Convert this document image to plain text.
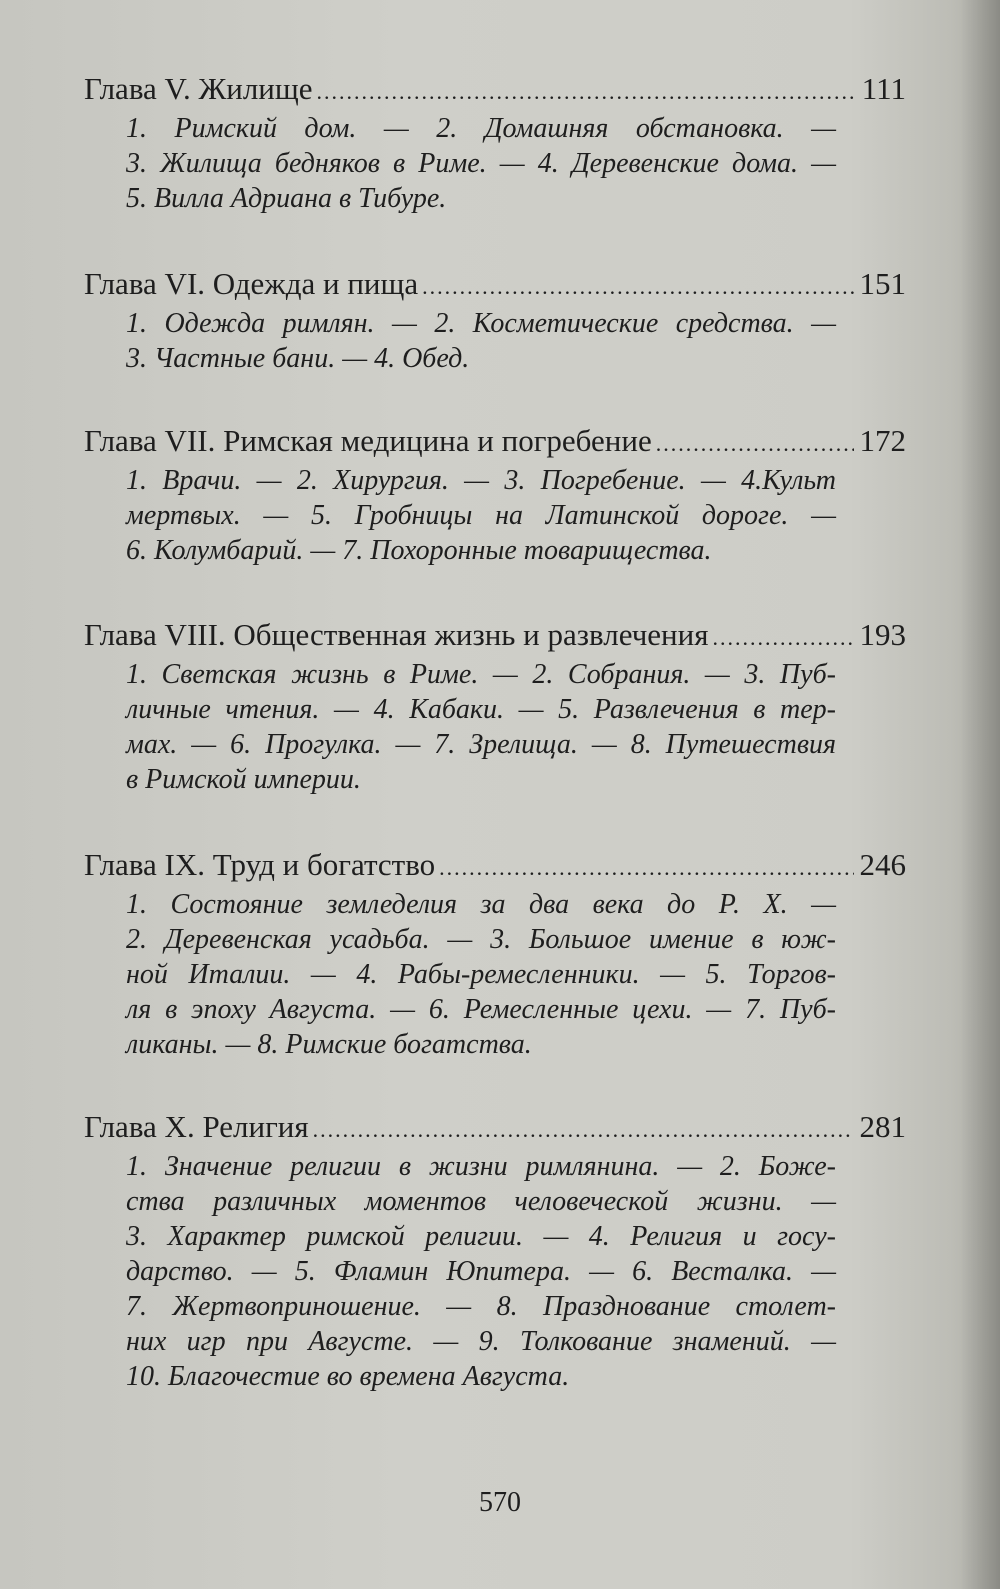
Глава V. Жилище .....	111
1. Римский дом. — 2. Домашняя обстановка. —
3. Жилища бедняков в Риме. — 4. Деревенские дома. —
5. Вилла Адриана в Тибуре.
Глава VI. Одежда и пища .....	151
1. Одежда римлян. — 2. Косметические средства. —
3. Частные бани. — 4. Обед.
Глава VII. Римская медицина и погребение .....	172
1. Врачи. — 2. Хирургия. — 3. Погребение. — 4.Культ
мертвых. — 5. Гробницы на Латинской дороге. —
6. Колумбарий. — 7. Похоронные товарищества.
Глава VIII. Общественная жизнь и развлечения .....	193
1. Светская жизнь в Риме. — 2. Собрания. — 3. Пуб-
личные чтения. — 4. Кабаки. — 5. Развлечения в тер-
мах. — 6. Прогулка. — 7. Зрелища. — 8. Путешествия
в Римской империи.
Глава IX. Труд и богатство .....	246
1. Состояние земледелия за два века до Р. Х. —
2. Деревенская усадьба. — 3. Большое имение в юж-
ной Италии. — 4. Рабы-ремесленники. — 5. Торгов-
ля в эпоху Августа. — 6. Ремесленные цехи. — 7. Пуб-
ликаны. — 8. Римские богатства.
Глава X. Религия .....	281
1. Значение религии в жизни римлянина. — 2. Боже-
ства различных моментов человеческой жизни. —
3. Характер римской религии. — 4. Религия и госу-
дарство. — 5. Фламин Юпитера. — 6. Весталка. —
7. Жертвоприношение. — 8. Празднование столет-
них игр при Августе. — 9. Толкование знамений. —
10. Благочестие во времена Августа.
570
